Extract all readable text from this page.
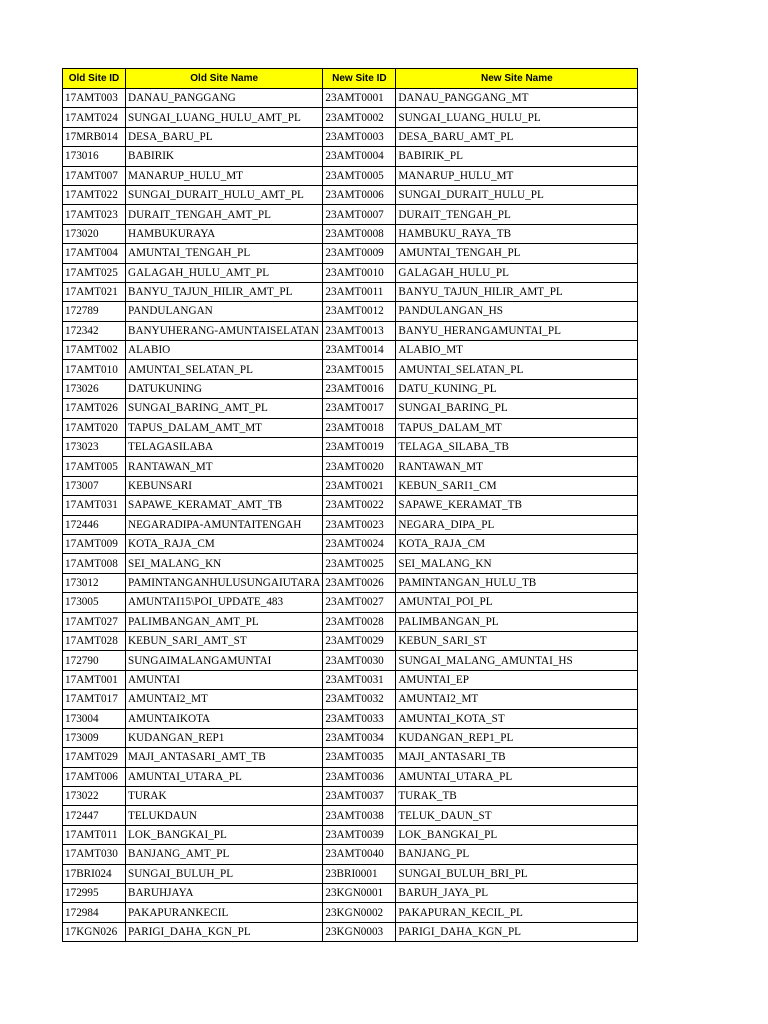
Old Site ID	Old Site Name	New Site ID	New Site Name
17AMT003	DANAU_PANGGANG	23AMT0001	DANAU_PANGGANG_MT
17AMT024	SUNGAI_LUANG_HULU_AMT_PL	23AMT0002	SUNGAI_LUANG_HULU_PL
17MRB014	DESA_BARU_PL	23AMT0003	DESA_BARU_AMT_PL
173016	BABIRIK	23AMT0004	BABIRIK_PL
17AMT007	MANARUP_HULU_MT	23AMT0005	MANARUP_HULU_MT
17AMT022	SUNGAI_DURAIT_HULU_AMT_PL	23AMT0006	SUNGAI_DURAIT_HULU_PL
17AMT023	DURAIT_TENGAH_AMT_PL	23AMT0007	DURAIT_TENGAH_PL
173020	HAMBUKURAYA	23AMT0008	HAMBUKU_RAYA_TB
17AMT004	AMUNTAI_TENGAH_PL	23AMT0009	AMUNTAI_TENGAH_PL
17AMT025	GALAGAH_HULU_AMT_PL	23AMT0010	GALAGAH_HULU_PL
17AMT021	BANYU_TAJUN_HILIR_AMT_PL	23AMT0011	BANYU_TAJUN_HILIR_AMT_PL
172789	PANDULANGAN	23AMT0012	PANDULANGAN_HS
172342	BANYUHERANG-AMUNTAISELATAN	23AMT0013	BANYU_HERANGAMUNTAI_PL
17AMT002	ALABIO	23AMT0014	ALABIO_MT
17AMT010	AMUNTAI_SELATAN_PL	23AMT0015	AMUNTAI_SELATAN_PL
173026	DATUKUNING	23AMT0016	DATU_KUNING_PL
17AMT026	SUNGAI_BARING_AMT_PL	23AMT0017	SUNGAI_BARING_PL
17AMT020	TAPUS_DALAM_AMT_MT	23AMT0018	TAPUS_DALAM_MT
173023	TELAGASILABA	23AMT0019	TELAGA_SILABA_TB
17AMT005	RANTAWAN_MT	23AMT0020	RANTAWAN_MT
173007	KEBUNSARI	23AMT0021	KEBUN_SARI1_CM
17AMT031	SAPAWE_KERAMAT_AMT_TB	23AMT0022	SAPAWE_KERAMAT_TB
172446	NEGARADIPA-AMUNTAITENGAH	23AMT0023	NEGARA_DIPA_PL
17AMT009	KOTA_RAJA_CM	23AMT0024	KOTA_RAJA_CM
17AMT008	SEI_MALANG_KN	23AMT0025	SEI_MALANG_KN
173012	PAMINTANGANHULUSUNGAIUTARA	23AMT0026	PAMINTANGAN_HULU_TB
173005	AMUNTAI15\POI_UPDATE_483	23AMT0027	AMUNTAI_POI_PL
17AMT027	PALIMBANGAN_AMT_PL	23AMT0028	PALIMBANGAN_PL
17AMT028	KEBUN_SARI_AMT_ST	23AMT0029	KEBUN_SARI_ST
172790	SUNGAIMALANGAMUNTAI	23AMT0030	SUNGAI_MALANG_AMUNTAI_HS
17AMT001	AMUNTAI	23AMT0031	AMUNTAI_EP
17AMT017	AMUNTAI2_MT	23AMT0032	AMUNTAI2_MT
173004	AMUNTAIKOTA	23AMT0033	AMUNTAI_KOTA_ST
173009	KUDANGAN_REP1	23AMT0034	KUDANGAN_REP1_PL
17AMT029	MAJI_ANTASARI_AMT_TB	23AMT0035	MAJI_ANTASARI_TB
17AMT006	AMUNTAI_UTARA_PL	23AMT0036	AMUNTAI_UTARA_PL
173022	TURAK	23AMT0037	TURAK_TB
172447	TELUKDAUN	23AMT0038	TELUK_DAUN_ST
17AMT011	LOK_BANGKAI_PL	23AMT0039	LOK_BANGKAI_PL
17AMT030	BANJANG_AMT_PL	23AMT0040	BANJANG_PL
17BRI024	SUNGAI_BULUH_PL	23BRI0001	SUNGAI_BULUH_BRI_PL
172995	BARUHJAYA	23KGN0001	BARUH_JAYA_PL
172984	PAKAPURANKECIL	23KGN0002	PAKAPURAN_KECIL_PL
17KGN026	PARIGI_DAHA_KGN_PL	23KGN0003	PARIGI_DAHA_KGN_PL
